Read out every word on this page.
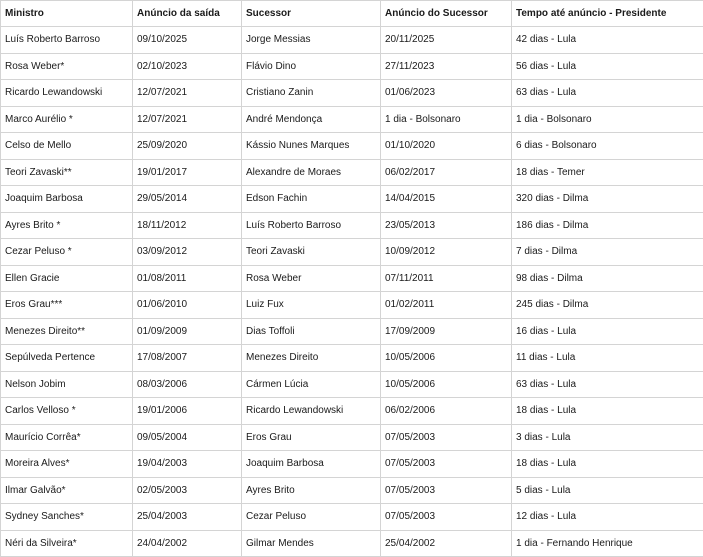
Ministro	Anúncio da saída	Sucessor	Anúncio do Sucessor	Tempo até anúncio - Presidente
Luís Roberto Barroso	09/10/2025	Jorge Messias	20/11/2025	42 dias - Lula
Rosa Weber*	02/10/2023	Flávio Dino	27/11/2023	56 dias - Lula
Ricardo Lewandowski	12/07/2021	Cristiano Zanin	01/06/2023	63 dias - Lula
Marco Aurélio *	12/07/2021	André Mendonça	1 dia - Bolsonaro	1 dia - Bolsonaro
Celso de Mello	25/09/2020	Kássio Nunes Marques	01/10/2020	6 dias - Bolsonaro
Teori Zavaski**	19/01/2017	Alexandre de Moraes	06/02/2017	18 dias - Temer
Joaquim Barbosa	29/05/2014	Edson Fachin	14/04/2015	320 dias - Dilma
Ayres Brito *	18/11/2012	Luís Roberto Barroso	23/05/2013	186 dias - Dilma
Cezar Peluso *	03/09/2012	Teori Zavaski	10/09/2012	7 dias - Dilma
Ellen Gracie	01/08/2011	Rosa Weber	07/11/2011	98 dias - Dilma
Eros Grau***	01/06/2010	Luiz Fux	01/02/2011	245 dias - Dilma
Menezes Direito**	01/09/2009	Dias Toffoli	17/09/2009	16 dias - Lula
Sepúlveda Pertence	17/08/2007	Menezes Direito	10/05/2006	11 dias - Lula
Nelson Jobim	08/03/2006	Cármen Lúcia	10/05/2006	63 dias - Lula
Carlos Velloso *	19/01/2006	Ricardo Lewandowski	06/02/2006	18 dias - Lula
Maurício Corrêa*	09/05/2004	Eros Grau	07/05/2003	3 dias - Lula
Moreira Alves*	19/04/2003	Joaquim Barbosa	07/05/2003	18 dias - Lula
Ilmar Galvão*	02/05/2003	Ayres Brito	07/05/2003	5 dias - Lula
Sydney Sanches*	25/04/2003	Cezar Peluso	07/05/2003	12 dias - Lula
Néri da Silveira*	24/04/2002	Gilmar Mendes	25/04/2002	1 dia - Fernando Henrique
